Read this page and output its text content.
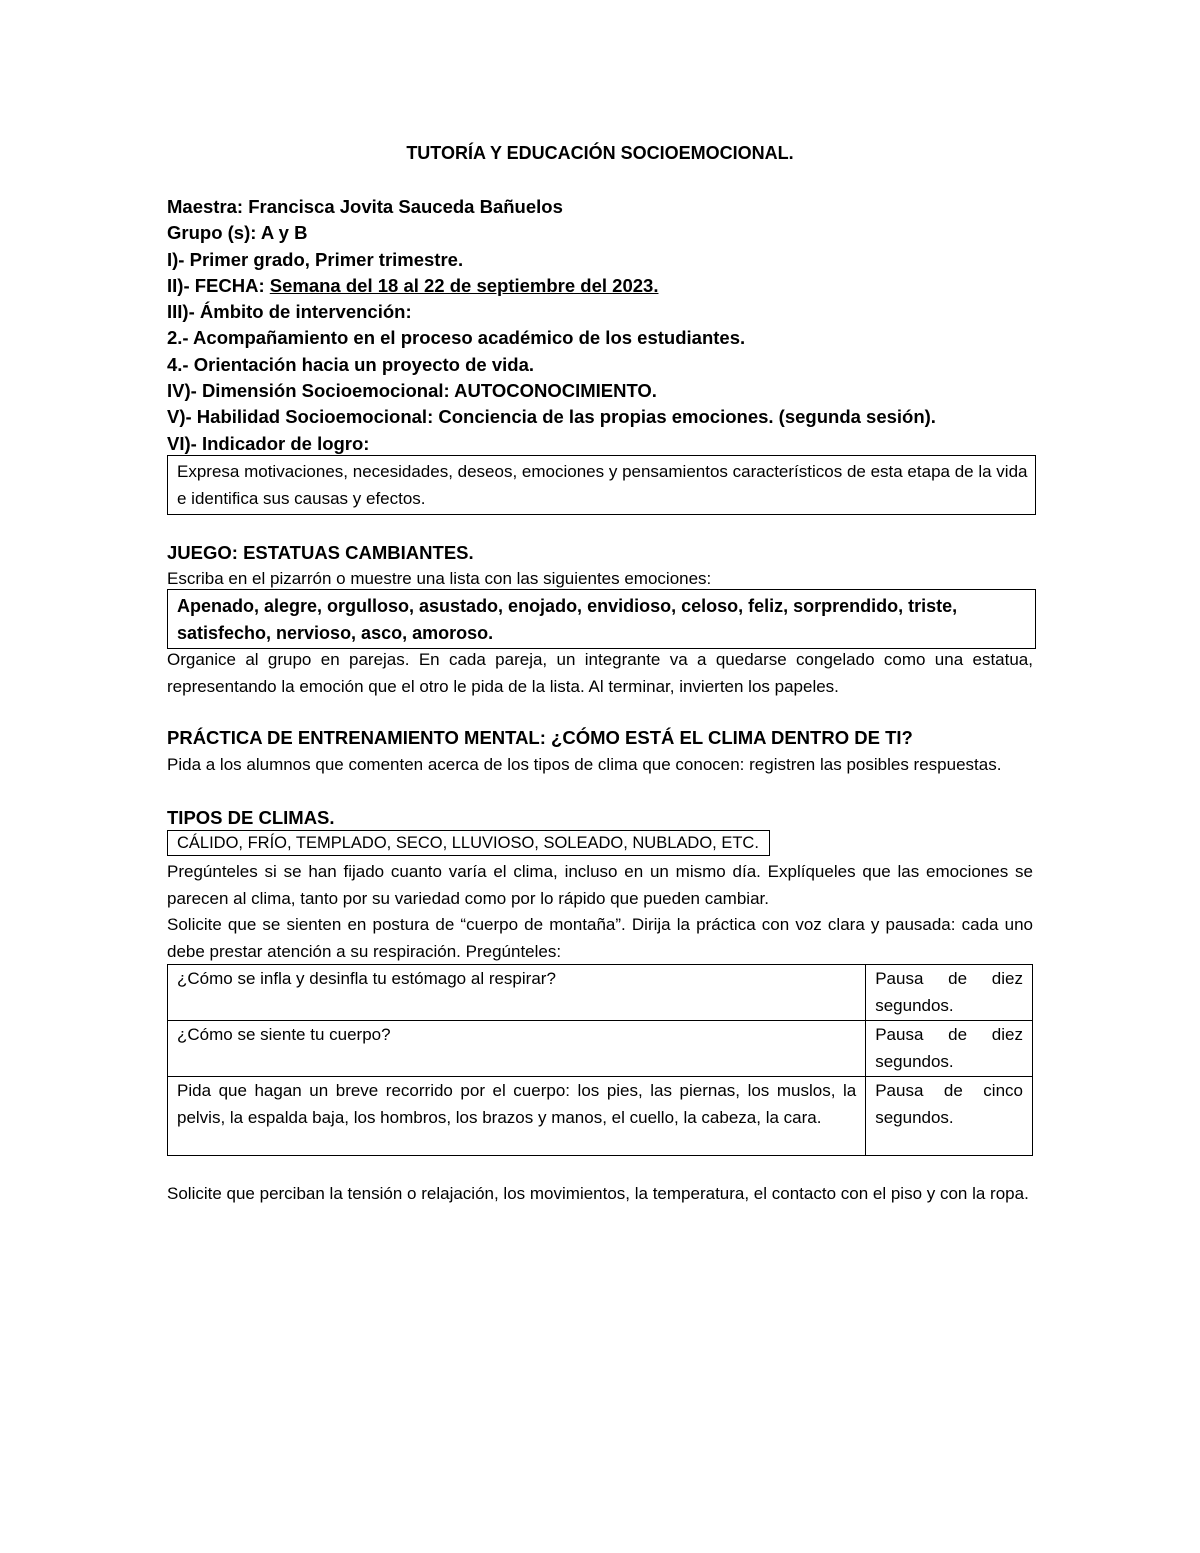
TUTORÍA Y EDUCACIÓN SOCIOEMOCIONAL.
Maestra: Francisca Jovita Sauceda Bañuelos
Grupo (s): A y B
I)- Primer grado, Primer trimestre.
II)- FECHA: Semana del 18 al 22 de septiembre del 2023.
III)- Ámbito de intervención:
2.- Acompañamiento en el proceso académico de los estudiantes.
4.- Orientación hacia un proyecto de vida.
IV)- Dimensión Socioemocional: AUTOCONOCIMIENTO.
V)- Habilidad Socioemocional: Conciencia de las propias emociones. (segunda sesión).
VI)- Indicador de logro:
Expresa motivaciones, necesidades, deseos, emociones y pensamientos característicos de esta etapa de la vida e identifica sus causas y efectos.
JUEGO: ESTATUAS CAMBIANTES.
Escriba en el pizarrón o muestre una lista con las siguientes emociones:
Apenado, alegre, orgulloso, asustado, enojado, envidioso, celoso, feliz, sorprendido, triste, satisfecho, nervioso, asco, amoroso.
Organice al grupo en parejas. En cada pareja, un integrante va a quedarse congelado como una estatua, representando la emoción que el otro le pida de la lista. Al terminar, invierten los papeles.
PRÁCTICA DE ENTRENAMIENTO MENTAL: ¿CÓMO ESTÁ EL CLIMA DENTRO DE TI?
Pida a los alumnos que comenten acerca de los tipos de clima que conocen: registren las posibles respuestas.
TIPOS DE CLIMAS.
CÁLIDO, FRÍO, TEMPLADO, SECO, LLUVIOSO, SOLEADO, NUBLADO, ETC.
Pregúnteles si se han fijado cuanto varía el clima, incluso en un mismo día. Explíqueles que las emociones se parecen al clima, tanto por su variedad como por lo rápido que pueden cambiar.
Solicite que se sienten en postura de “cuerpo de montaña”. Dirija la práctica con voz clara y pausada: cada uno debe prestar atención a su respiración. Pregúnteles:
¿Cómo se infla y desinfla tu estómago al respirar?	Pausa de diez segundos.
¿Cómo se siente tu cuerpo?	Pausa de diez segundos.
Pida que hagan un breve recorrido por el cuerpo: los pies, las piernas, los muslos, la pelvis, la espalda baja, los hombros, los brazos y manos, el cuello, la cabeza, la cara.	Pausa de cinco segundos.
Solicite que perciban la tensión o relajación, los movimientos, la temperatura, el contacto con el piso y con la ropa.
